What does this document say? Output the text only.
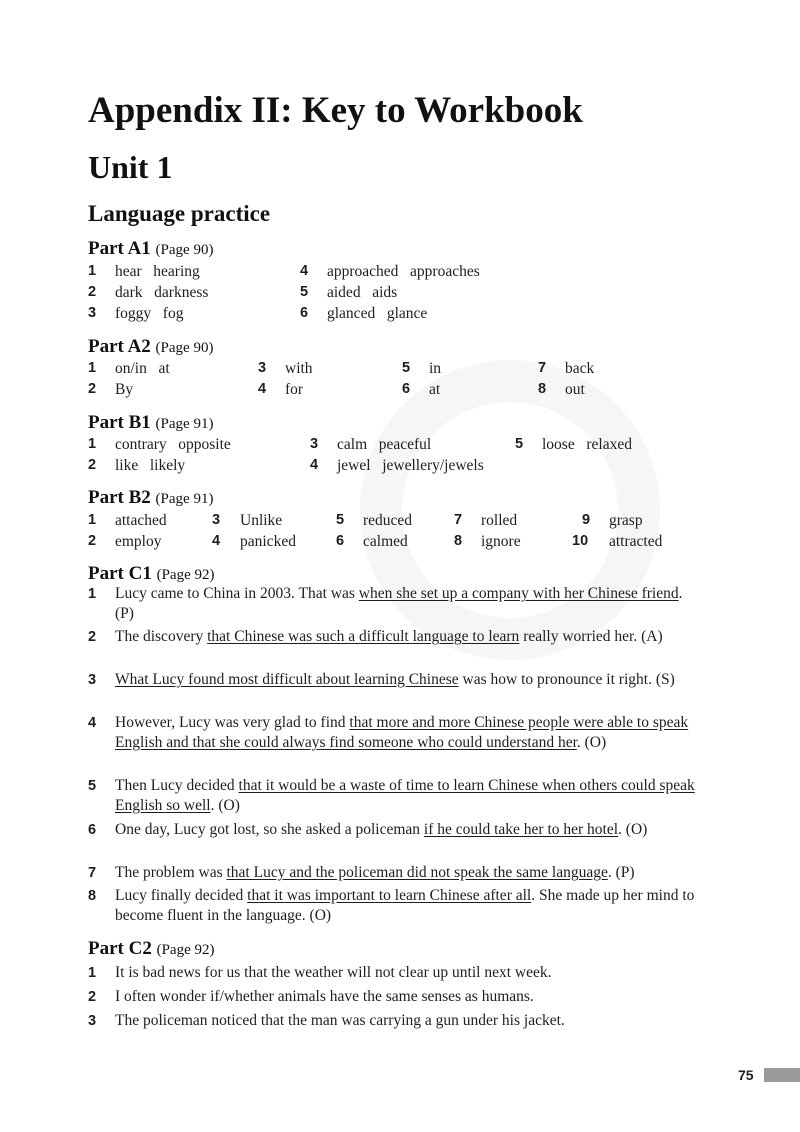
Appendix II: Key to Workbook
Unit 1
Language practice
Part A1 (Page 90)
1 hear   hearing
2 dark   darkness
3 foggy   fog
4 approached   approaches
5 aided   aids
6 glanced   glance
Part A2 (Page 90)
1 on/in   at
2 By
3 with
4 for
5 in
6 at
7 back
8 out
Part B1 (Page 91)
1 contrary   opposite
2 like   likely
3 calm   peaceful
4 jewel   jewellery/jewels
5 loose   relaxed
Part B2 (Page 91)
1 attached
2 employ
3 Unlike
4 panicked
5 reduced
6 calmed
7 rolled
8 ignore
9 grasp
10 attracted
Part C1 (Page 92)
1 Lucy came to China in 2003. That was when she set up a company with her Chinese friend. (P)
2 The discovery that Chinese was such a difficult language to learn really worried her. (A)
3 What Lucy found most difficult about learning Chinese was how to pronounce it right. (S)
4 However, Lucy was very glad to find that more and more Chinese people were able to speak English and that she could always find someone who could understand her. (O)
5 Then Lucy decided that it would be a waste of time to learn Chinese when others could speak English so well. (O)
6 One day, Lucy got lost, so she asked a policeman if he could take her to her hotel. (O)
7 The problem was that Lucy and the policeman did not speak the same language. (P)
8 Lucy finally decided that it was important to learn Chinese after all. She made up her mind to become fluent in the language. (O)
Part C2 (Page 92)
1 It is bad news for us that the weather will not clear up until next week.
2 I often wonder if/whether animals have the same senses as humans.
3 The policeman noticed that the man was carrying a gun under his jacket.
75
